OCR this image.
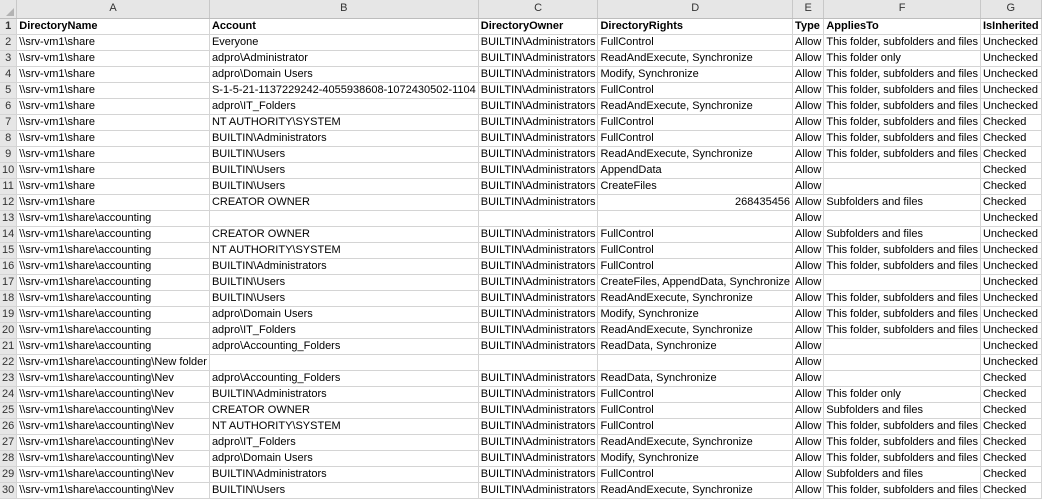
	A	B	C	D	E	F	G
1	DirectoryName	Account	DirectoryOwner	DirectoryRights	Type	AppliesTo	IsInherited
2	\\srv-vm1\share	Everyone	BUILTIN\Administrators	FullControl	Allow	This folder, subfolders and files	Unchecked
3	\\srv-vm1\share	adpro\Administrator	BUILTIN\Administrators	ReadAndExecute, Synchronize	Allow	This folder only	Unchecked
4	\\srv-vm1\share	adpro\Domain Users	BUILTIN\Administrators	Modify, Synchronize	Allow	This folder, subfolders and files	Unchecked
5	\\srv-vm1\share	S-1-5-21-1137229242-4055938608-1072430502-1104	BUILTIN\Administrators	FullControl	Allow	This folder, subfolders and files	Unchecked
6	\\srv-vm1\share	adpro\IT_Folders	BUILTIN\Administrators	ReadAndExecute, Synchronize	Allow	This folder, subfolders and files	Unchecked
7	\\srv-vm1\share	NT AUTHORITY\SYSTEM	BUILTIN\Administrators	FullControl	Allow	This folder, subfolders and files	Checked
8	\\srv-vm1\share	BUILTIN\Administrators	BUILTIN\Administrators	FullControl	Allow	This folder, subfolders and files	Checked
9	\\srv-vm1\share	BUILTIN\Users	BUILTIN\Administrators	ReadAndExecute, Synchronize	Allow	This folder, subfolders and files	Checked
10	\\srv-vm1\share	BUILTIN\Users	BUILTIN\Administrators	AppendData	Allow		Checked
11	\\srv-vm1\share	BUILTIN\Users	BUILTIN\Administrators	CreateFiles	Allow		Checked
12	\\srv-vm1\share	CREATOR OWNER	BUILTIN\Administrators	268435456	Allow	Subfolders and files	Checked
13	\\srv-vm1\share\accounting				Allow		Unchecked
14	\\srv-vm1\share\accounting	CREATOR OWNER	BUILTIN\Administrators	FullControl	Allow	Subfolders and files	Unchecked
15	\\srv-vm1\share\accounting	NT AUTHORITY\SYSTEM	BUILTIN\Administrators	FullControl	Allow	This folder, subfolders and files	Unchecked
16	\\srv-vm1\share\accounting	BUILTIN\Administrators	BUILTIN\Administrators	FullControl	Allow	This folder, subfolders and files	Unchecked
17	\\srv-vm1\share\accounting	BUILTIN\Users	BUILTIN\Administrators	CreateFiles, AppendData, Synchronize	Allow		Unchecked
18	\\srv-vm1\share\accounting	BUILTIN\Users	BUILTIN\Administrators	ReadAndExecute, Synchronize	Allow	This folder, subfolders and files	Unchecked
19	\\srv-vm1\share\accounting	adpro\Domain Users	BUILTIN\Administrators	Modify, Synchronize	Allow	This folder, subfolders and files	Unchecked
20	\\srv-vm1\share\accounting	adpro\IT_Folders	BUILTIN\Administrators	ReadAndExecute, Synchronize	Allow	This folder, subfolders and files	Unchecked
21	\\srv-vm1\share\accounting	adpro\Accounting_Folders	BUILTIN\Administrators	ReadData, Synchronize	Allow		Unchecked
22	\\srv-vm1\share\accounting\New folder				Allow		Unchecked
23	\\srv-vm1\share\accounting\Nev	adpro\Accounting_Folders	BUILTIN\Administrators	ReadData, Synchronize	Allow		Checked
24	\\srv-vm1\share\accounting\Nev	BUILTIN\Administrators	BUILTIN\Administrators	FullControl	Allow	This folder only	Checked
25	\\srv-vm1\share\accounting\Nev	CREATOR OWNER	BUILTIN\Administrators	FullControl	Allow	Subfolders and files	Checked
26	\\srv-vm1\share\accounting\Nev	NT AUTHORITY\SYSTEM	BUILTIN\Administrators	FullControl	Allow	This folder, subfolders and files	Checked
27	\\srv-vm1\share\accounting\Nev	adpro\IT_Folders	BUILTIN\Administrators	ReadAndExecute, Synchronize	Allow	This folder, subfolders and files	Checked
28	\\srv-vm1\share\accounting\Nev	adpro\Domain Users	BUILTIN\Administrators	Modify, Synchronize	Allow	This folder, subfolders and files	Checked
29	\\srv-vm1\share\accounting\Nev	BUILTIN\Administrators	BUILTIN\Administrators	FullControl	Allow	Subfolders and files	Checked
30	\\srv-vm1\share\accounting\Nev	BUILTIN\Users	BUILTIN\Administrators	ReadAndExecute, Synchronize	Allow	This folder, subfolders and files	Checked
